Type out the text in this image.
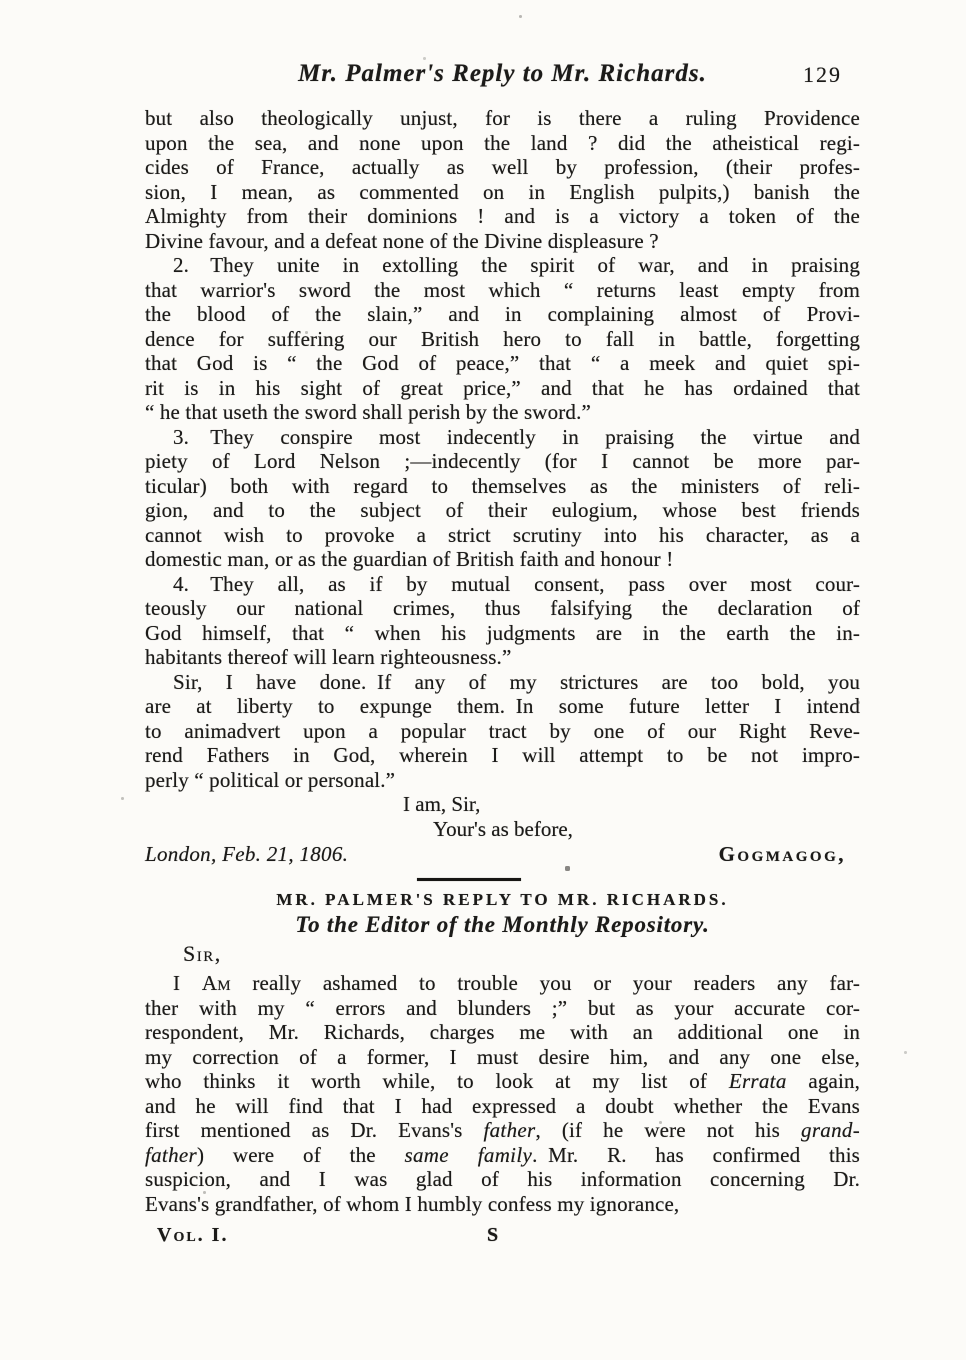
Mr. Palmer's Reply to Mr. Richards.	129
but also theologically unjust, for is there a ruling Providence
upon the sea, and none upon the land ? did the atheistical regi-
cides of France, actually as well by profession, (their profes-
sion, I mean, as commented on in English pulpits,) banish the
Almighty from their dominions ! and is a victory a token of the
Divine favour, and a defeat none of the Divine displeasure ?
2. They unite in extolling the spirit of war, and in praising
that warrior's sword the most which “ returns least empty from
the blood of the slain,” and in complaining almost of Provi-
dence for suffering our British hero to fall in battle, forgetting
that God is “ the God of peace,” that “ a meek and quiet spi-
rit is in his sight of great price,” and that he has ordained that
“ he that useth the sword shall perish by the sword.”
3. They conspire most indecently in praising the virtue and
piety of Lord Nelson ;—indecently (for I cannot be more par-
ticular) both with regard to themselves as the ministers of reli-
gion, and to the subject of their eulogium, whose best friends
cannot wish to provoke a strict scrutiny into his character, as a
domestic man, or as the guardian of British faith and honour !
4. They all, as if by mutual consent, pass over most cour-
teously our national crimes, thus falsifying the declaration of
God himself, that “ when his judgments are in the earth the in-
habitants thereof will learn righteousness.”
Sir, I have done. If any of my strictures are too bold, you
are at liberty to expunge them. In some future letter I intend
to animadvert upon a popular tract by one of our Right Reve-
rend Fathers in God, wherein I will attempt to be not impro-
perly “ political or personal.”
I am, Sir,
Your's as before,
London, Feb. 21, 1806.	Gogmagog,
MR. PALMER'S REPLY TO MR. RICHARDS.
To the Editor of the Monthly Repository.
Sir,
I Am really ashamed to trouble you or your readers any far-
ther with my “ errors and blunders ;” but as your accurate cor-
respondent, Mr. Richards, charges me with an additional one in
my correction of a former, I must desire him, and any one else,
who thinks it worth while, to look at my list of Errata again,
and he will find that I had expressed a doubt whether the Evans
first mentioned as Dr. Evans's father, (if he were not his grand-
father) were of the same family. Mr. R. has confirmed this
suspicion, and I was glad of his information concerning Dr.
Evans's grandfather, of whom I humbly confess my ignorance,
Vol. I.	S
